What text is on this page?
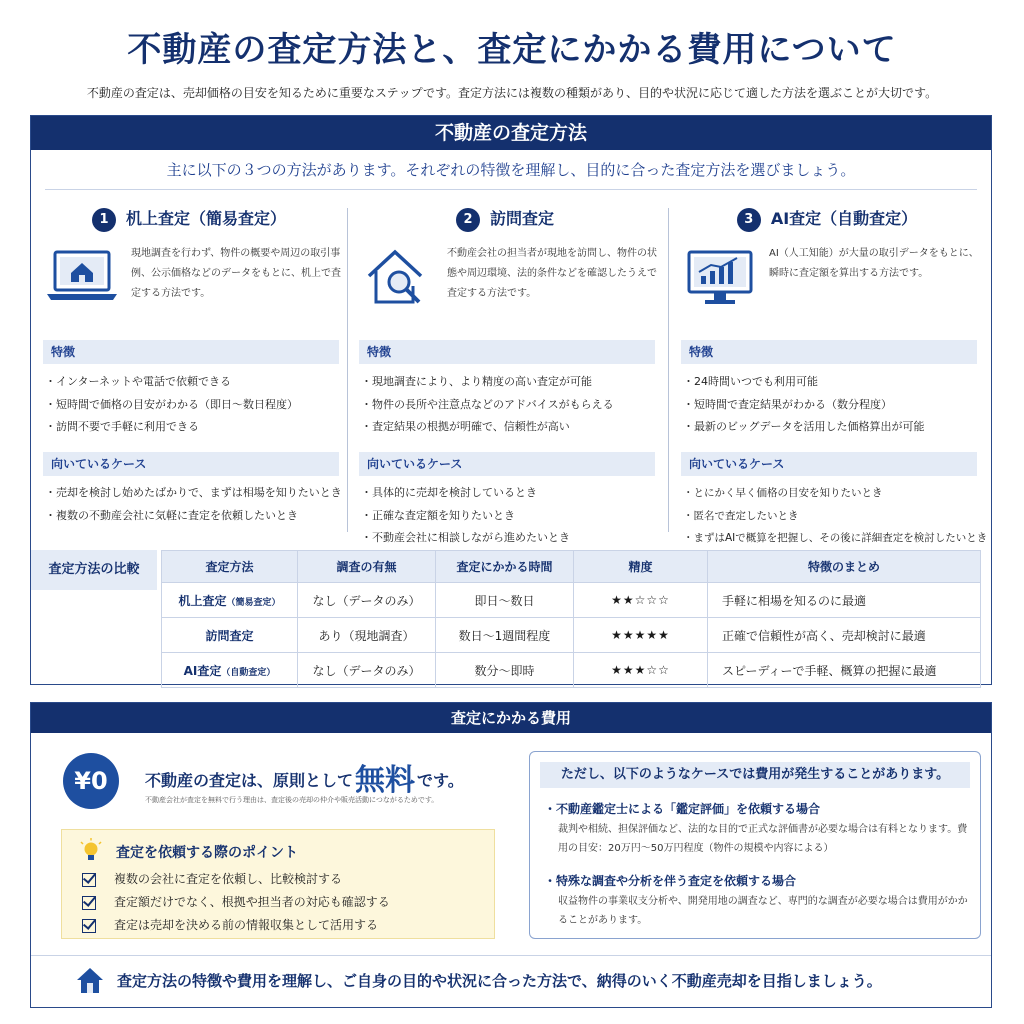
不動産の査定方法と、査定にかかる費用について
不動産の査定は、売却価格の目安を知るために重要なステップです。査定方法には複数の種類があり、目的や状況に応じて適した方法を選ぶことが大切です。
不動産の査定方法
主に以下の３つの方法があります。それぞれの特徴を理解し、目的に合った査定方法を選びましょう。
1 机上査定（簡易査定）
現地調査を行わず、物件の概要や周辺の取引事例、公示価格などのデータをもとに、机上で査定する方法です。
特徴
・ インターネットや電話で依頼できる
・ 短時間で価格の目安がわかる（即日〜数日程度）
・ 訪問不要で手軽に利用できる
向いているケース
・ 売却を検討し始めたばかりで、まずは相場を知りたいとき
・ 複数の不動産会社に気軽に査定を依頼したいとき
2 訪問査定
不動産会社の担当者が現地を訪問し、物件の状態や周辺環境、法的条件などを確認したうえで査定する方法です。
特徴
・ 現地調査により、より精度の高い査定が可能
・ 物件の長所や注意点などのアドバイスがもらえる
・ 査定結果の根拠が明確で、信頼性が高い
向いているケース
・ 具体的に売却を検討しているとき
・ 正確な査定額を知りたいとき
・ 不動産会社に相談しながら進めたいとき
3 AI査定（自動査定）
AI（人工知能）が大量の取引データをもとに、瞬時に査定額を算出する方法です。
特徴
・ 24時間いつでも利用可能
・ 短時間で査定結果がわかる（数分程度）
・ 最新のビッグデータを活用した価格算出が可能
向いているケース
・ とにかく早く価格の目安を知りたいとき
・ 匿名で査定したいとき
・ まずはAIで概算を把握し、その後に詳細査定を検討したいとき
査定方法の比較	査定方法	調査の有無	査定にかかる時間	精度	特徴のまとめ
机上査定（簡易査定）	なし（データのみ）	即日〜数日	★★☆☆☆	手軽に相場を知るのに最適
訪問査定	あり（現地調査）	数日〜1週間程度	★★★★★	正確で信頼性が高く、売却検討に最適
AI査定（自動査定）	なし（データのみ）	数分〜即時	★★★☆☆	スピーディーで手軽、概算の把握に最適
査定にかかる費用
¥0	不動産の査定は、原則として無料 です。
不動産会社が査定を無料で行う理由は、査定後の売却の仲介や販売活動につながるためです。
査定を依頼する際のポイント
複数の会社に査定を依頼し、比較検討する
査定額だけでなく、根拠や担当者の対応も確認する
査定は売却を決める前の情報収集として活用する
ただし、以下のようなケースでは費用が発生することがあります。
・不動産鑑定士による「鑑定評価」を依頼する場合
裁判や相続、担保評価など、法的な目的で正式な評価書が必要な場合は有料となります。費用の目安：20万円〜50万円程度（物件の規模や内容による）
・特殊な調査や分析を伴う査定を依頼する場合
収益物件の事業収支分析や、開発用地の調査など、専門的な調査が必要な場合は費用がかかることがあります。
査定方法の特徴や費用を理解し、ご自身の目的や状況に合った方法で、納得のいく不動産売却を目指しましょう。
